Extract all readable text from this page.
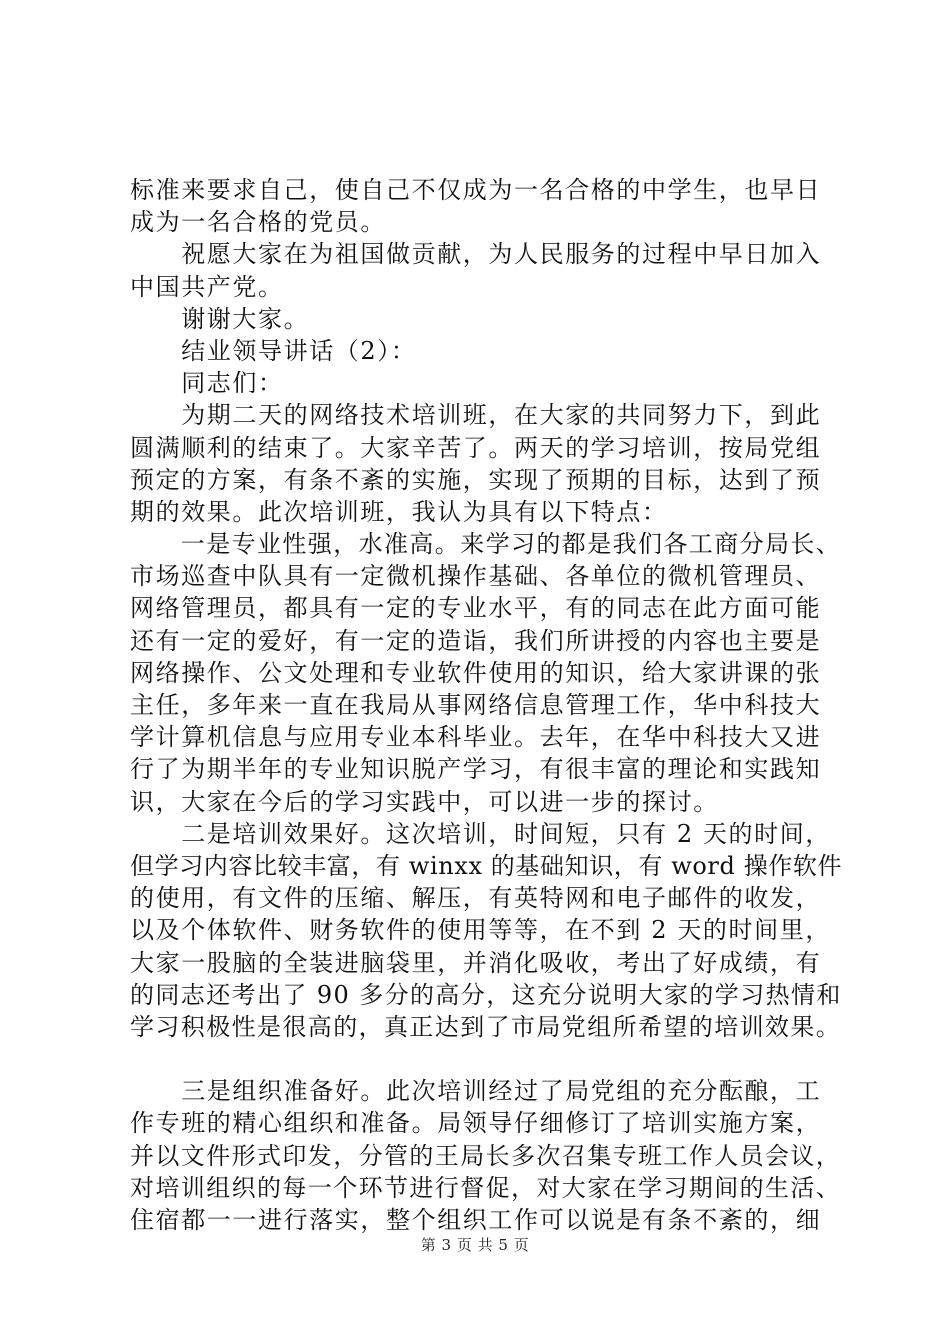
标准来要求自己，使自己不仅成为一名合格的中学生，也早日
成为一名合格的党员。
　　祝愿大家在为祖国做贡献，为人民服务的过程中早日加入
中国共产党。
　　谢谢大家。
　　结业领导讲话（2）：
　　同志们：
　　为期二天的网络技术培训班，在大家的共同努力下，到此
圆满顺利的结束了。大家辛苦了。两天的学习培训，按局党组
预定的方案，有条不紊的实施，实现了预期的目标，达到了预
期的效果。此次培训班，我认为具有以下特点：
　　一是专业性强，水准高。来学习的都是我们各工商分局长、
市场巡查中队具有一定微机操作基础、各单位的微机管理员、
网络管理员，都具有一定的专业水平，有的同志在此方面可能
还有一定的爱好，有一定的造诣，我们所讲授的内容也主要是
网络操作、公文处理和专业软件使用的知识，给大家讲课的张
主任，多年来一直在我局从事网络信息管理工作，华中科技大
学计算机信息与应用专业本科毕业。去年，在华中科技大又进
行了为期半年的专业知识脱产学习，有很丰富的理论和实践知
识，大家在今后的学习实践中，可以进一步的探讨。
　　二是培训效果好。这次培训，时间短，只有 2 天的时间，
但学习内容比较丰富，有 winxx 的基础知识，有 word 操作软件
的使用，有文件的压缩、解压，有英特网和电子邮件的收发，
以及个体软件、财务软件的使用等等，在不到 2 天的时间里，
大家一股脑的全装进脑袋里，并消化吸收，考出了好成绩，有
的同志还考出了 90 多分的高分，这充分说明大家的学习热情和
学习积极性是很高的，真正达到了市局党组所希望的培训效果。
　　三是组织准备好。此次培训经过了局党组的充分酝酿，工
作专班的精心组织和准备。局领导仔细修订了培训实施方案，
并以文件形式印发，分管的王局长多次召集专班工作人员会议，
对培训组织的每一个环节进行督促，对大家在学习期间的生活、
住宿都一一进行落实，整个组织工作可以说是有条不紊的，细
第 3 页 共 5 页
